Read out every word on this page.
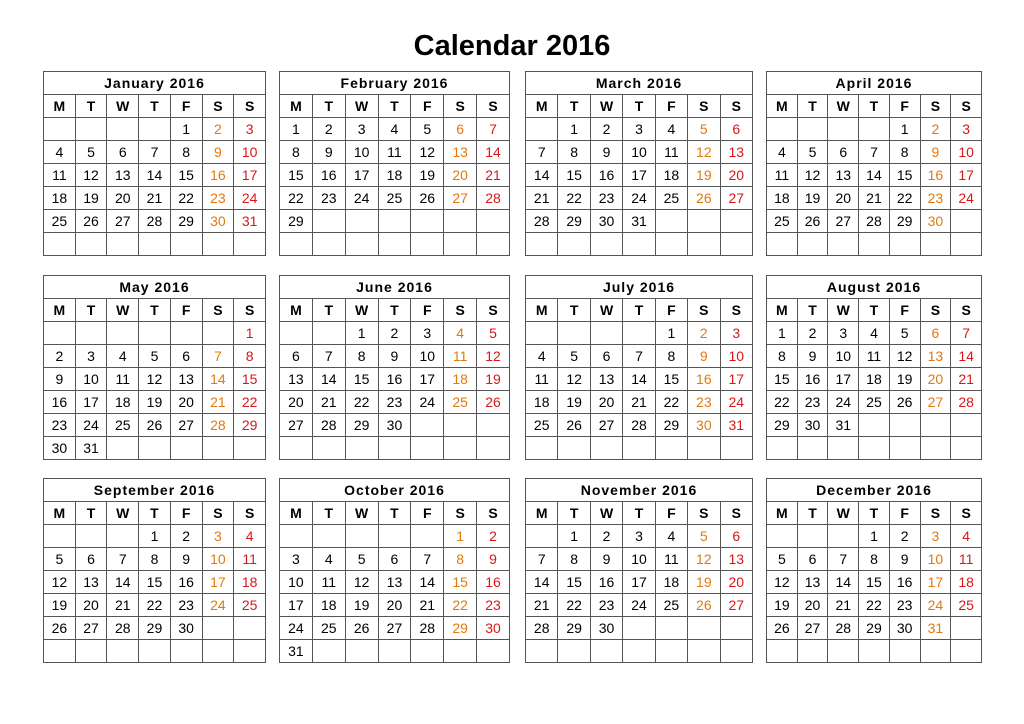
Calendar 2016
January 2016						
M	T	W	T	F	S	S
				1	2	3
4	5	6	7	8	9	10
11	12	13	14	15	16	17
18	19	20	21	22	23	24
25	26	27	28	29	30	31

February 2016						
M	T	W	T	F	S	S
1	2	3	4	5	6	7
8	9	10	11	12	13	14
15	16	17	18	19	20	21
22	23	24	25	26	27	28
29						

March 2016						
M	T	W	T	F	S	S
	1	2	3	4	5	6
7	8	9	10	11	12	13
14	15	16	17	18	19	20
21	22	23	24	25	26	27
28	29	30	31			

April 2016						
M	T	W	T	F	S	S
				1	2	3
4	5	6	7	8	9	10
11	12	13	14	15	16	17
18	19	20	21	22	23	24
25	26	27	28	29	30	

May 2016						
M	T	W	T	F	S	S
						1
2	3	4	5	6	7	8
9	10	11	12	13	14	15
16	17	18	19	20	21	22
23	24	25	26	27	28	29
30	31					
June 2016						
M	T	W	T	F	S	S
		1	2	3	4	5
6	7	8	9	10	11	12
13	14	15	16	17	18	19
20	21	22	23	24	25	26
27	28	29	30			

July 2016						
M	T	W	T	F	S	S
				1	2	3
4	5	6	7	8	9	10
11	12	13	14	15	16	17
18	19	20	21	22	23	24
25	26	27	28	29	30	31

August 2016						
M	T	W	T	F	S	S
1	2	3	4	5	6	7
8	9	10	11	12	13	14
15	16	17	18	19	20	21
22	23	24	25	26	27	28
29	30	31				

September 2016						
M	T	W	T	F	S	S
			1	2	3	4
5	6	7	8	9	10	11
12	13	14	15	16	17	18
19	20	21	22	23	24	25
26	27	28	29	30		

October 2016						
M	T	W	T	F	S	S
					1	2
3	4	5	6	7	8	9
10	11	12	13	14	15	16
17	18	19	20	21	22	23
24	25	26	27	28	29	30
31						
November 2016						
M	T	W	T	F	S	S
	1	2	3	4	5	6
7	8	9	10	11	12	13
14	15	16	17	18	19	20
21	22	23	24	25	26	27
28	29	30				

December 2016						
M	T	W	T	F	S	S
			1	2	3	4
5	6	7	8	9	10	11
12	13	14	15	16	17	18
19	20	21	22	23	24	25
26	27	28	29	30	31	
